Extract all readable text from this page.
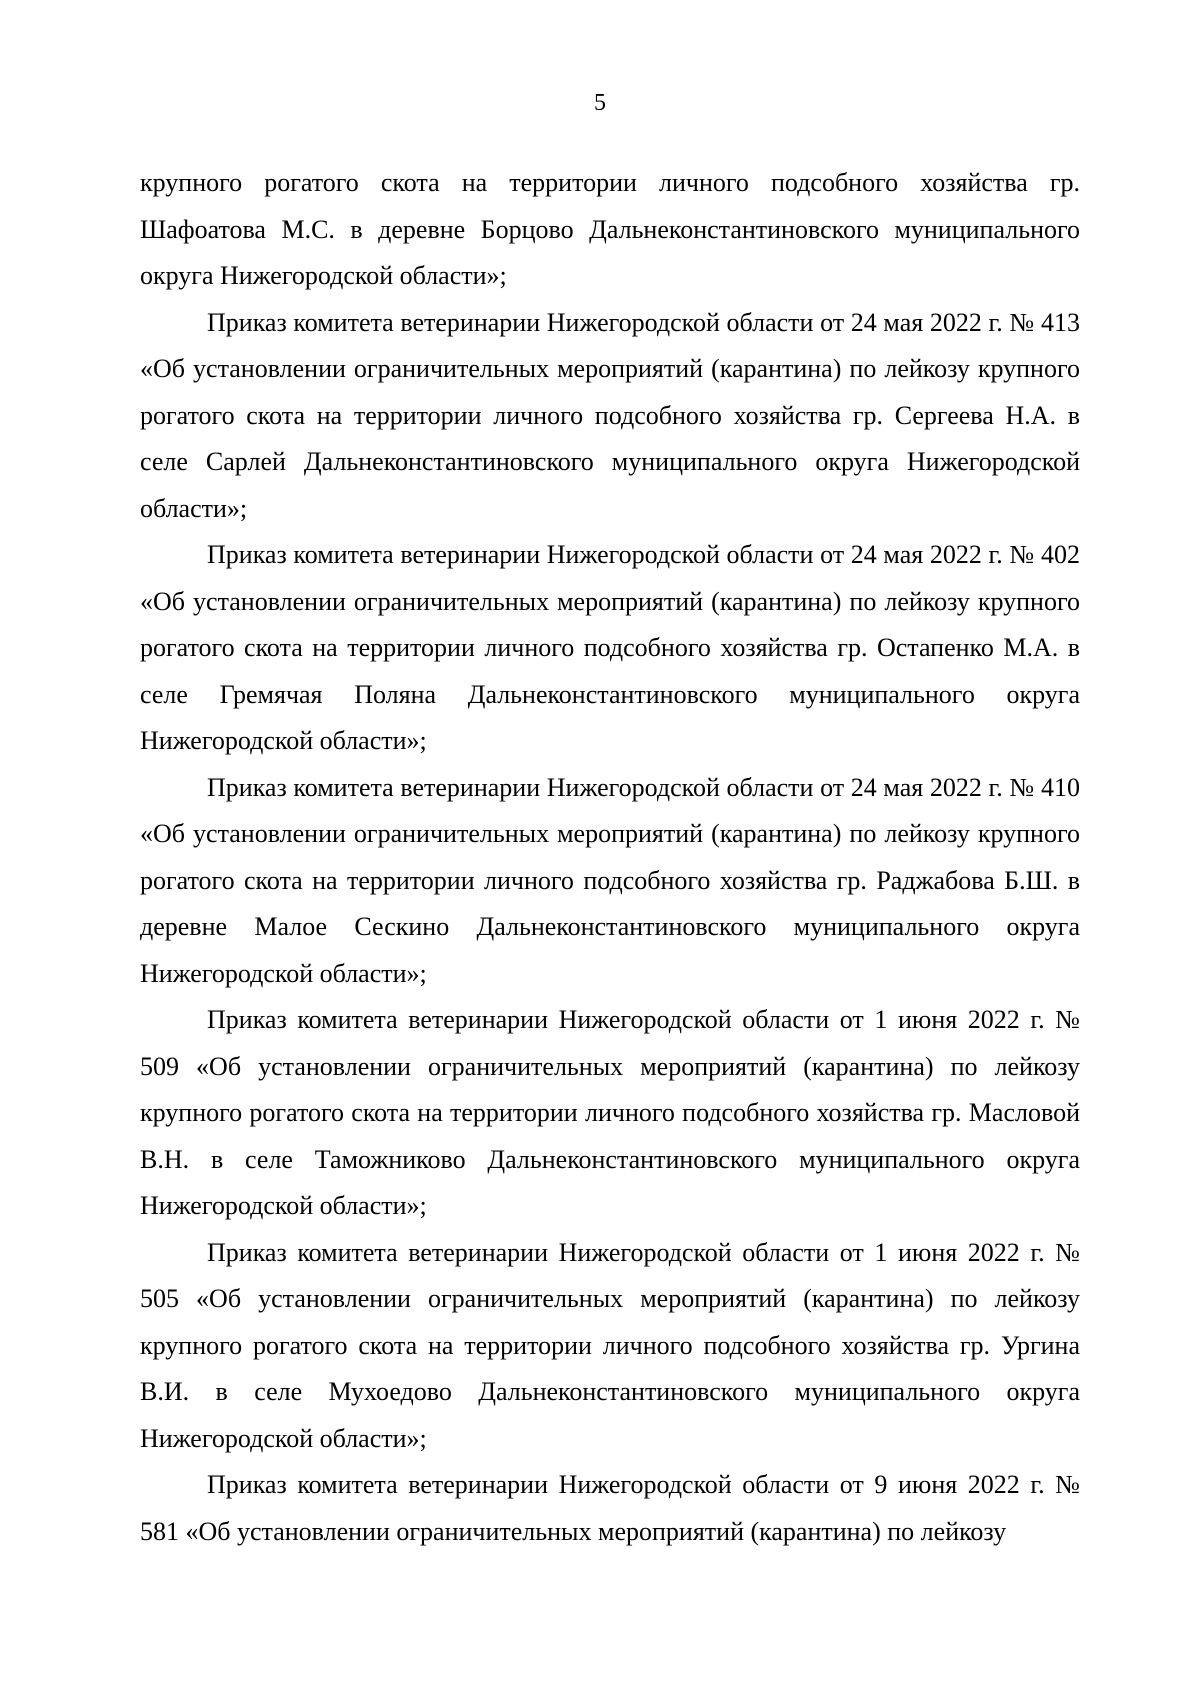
5

крупного рогатого скота на территории личного подсобного хозяйства гр. Шафоатова М.С. в деревне Борцово Дальнеконстантиновского муниципального округа Нижегородской области»;

Приказ комитета ветеринарии Нижегородской области от 24 мая 2022 г. № 413 «Об установлении ограничительных мероприятий (карантина) по лейкозу крупного рогатого скота на территории личного подсобного хозяйства гр. Сергеева Н.А. в селе Сарлей Дальнеконстантиновского муниципального округа Нижегородской области»;

Приказ комитета ветеринарии Нижегородской области от 24 мая 2022 г. № 402 «Об установлении ограничительных мероприятий (карантина) по лейкозу крупного рогатого скота на территории личного подсобного хозяйства гр. Остапенко М.А. в селе Гремячая Поляна Дальнеконстантиновского муниципального округа Нижегородской области»;

Приказ комитета ветеринарии Нижегородской области от 24 мая 2022 г. № 410 «Об установлении ограничительных мероприятий (карантина) по лейкозу крупного рогатого скота на территории личного подсобного хозяйства гр. Раджабова Б.Ш. в деревне Малое Сескино Дальнеконстантиновского муниципального округа Нижегородской области»;

Приказ комитета ветеринарии Нижегородской области от 1 июня 2022 г. № 509 «Об установлении ограничительных мероприятий (карантина) по лейкозу крупного рогатого скота на территории личного подсобного хозяйства гр. Масловой В.Н. в селе Таможниково Дальнеконстантиновского муниципального округа Нижегородской области»;

Приказ комитета ветеринарии Нижегородской области от 1 июня 2022 г. № 505 «Об установлении ограничительных мероприятий (карантина) по лейкозу крупного рогатого скота на территории личного подсобного хозяйства гр. Ургина В.И. в селе Мухоедово Дальнеконстантиновского муниципального округа Нижегородской области»;

Приказ комитета ветеринарии Нижегородской области от 9 июня 2022 г. № 581 «Об установлении ограничительных мероприятий (карантина) по лейкозу
